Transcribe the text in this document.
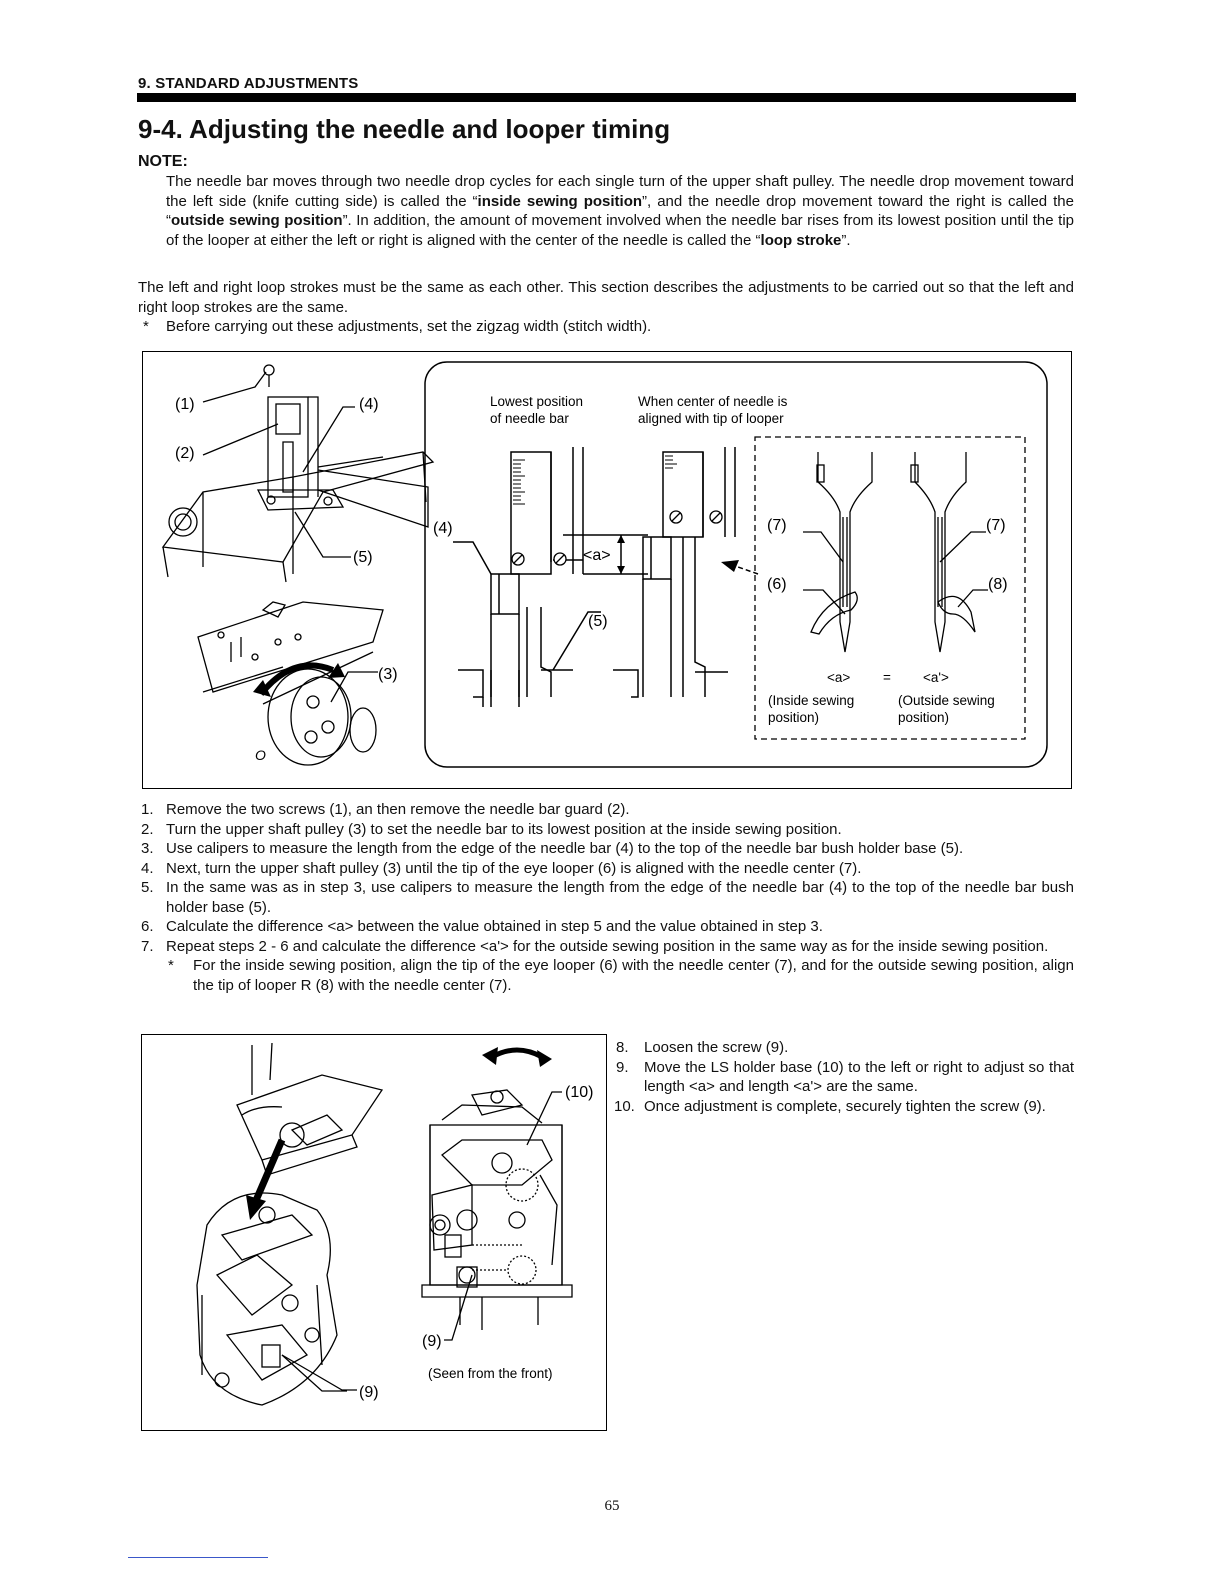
9. STANDARD ADJUSTMENTS
9-4. Adjusting the needle and looper timing
NOTE:
The needle bar moves through two needle drop cycles for each single turn of the upper shaft pulley. The needle drop movement toward the left side (knife cutting side) is called the “inside sewing position”, and the needle drop movement toward the right is called the “outside sewing position”. In addition, the amount of movement involved when the needle bar rises from its lowest position until the tip of the looper at either the left or right is aligned with the center of the needle is called the “loop stroke”.
The left and right loop strokes must be the same as each other. This section describes the adjustments to be carried out so that the left and right loop strokes are the same.
* Before carrying out these adjustments, set the zigzag width (stitch width).
(1)
(2)
(4)
(5)
(3)
(4)
(5)
(7)	(7)
(6)	(8)
<a>
O
Lowest position
of needle bar
When center of needle is
aligned with tip of looper
<a> = <a'>
(Inside sewing
position)
(Outside sewing
position)
1. Remove the two screws (1), an then remove the needle bar guard (2).
2. Turn the upper shaft pulley (3) to set the needle bar to its lowest position at the inside sewing position.
3. Use calipers to measure the length from the edge of the needle bar (4) to the top of the needle bar bush holder base (5).
4. Next, turn the upper shaft pulley (3) until the tip of the eye looper (6) is aligned with the needle center (7).
5. In the same was as in step 3, use calipers to measure the length from the edge of the needle bar (4) to the top of the needle bar bush holder base (5).
6. Calculate the difference <a> between the value obtained in step 5 and the value obtained in step 3.
7. Repeat steps 2 - 6 and calculate the difference <a'> for the outside sewing position in the same way as for the inside sewing position.
* For the inside sewing position, align the tip of the eye looper (6) with the needle center (7), and for the outside sewing position, align the tip of looper R (8) with the needle center (7).
(10)
(9)
(9)
(Seen from the front)
8. Loosen the screw (9).
9. Move the LS holder base (10) to the left or right to adjust so that length <a> and length <a'> are the same.
10. Once adjustment is complete, securely tighten the screw (9).
65
